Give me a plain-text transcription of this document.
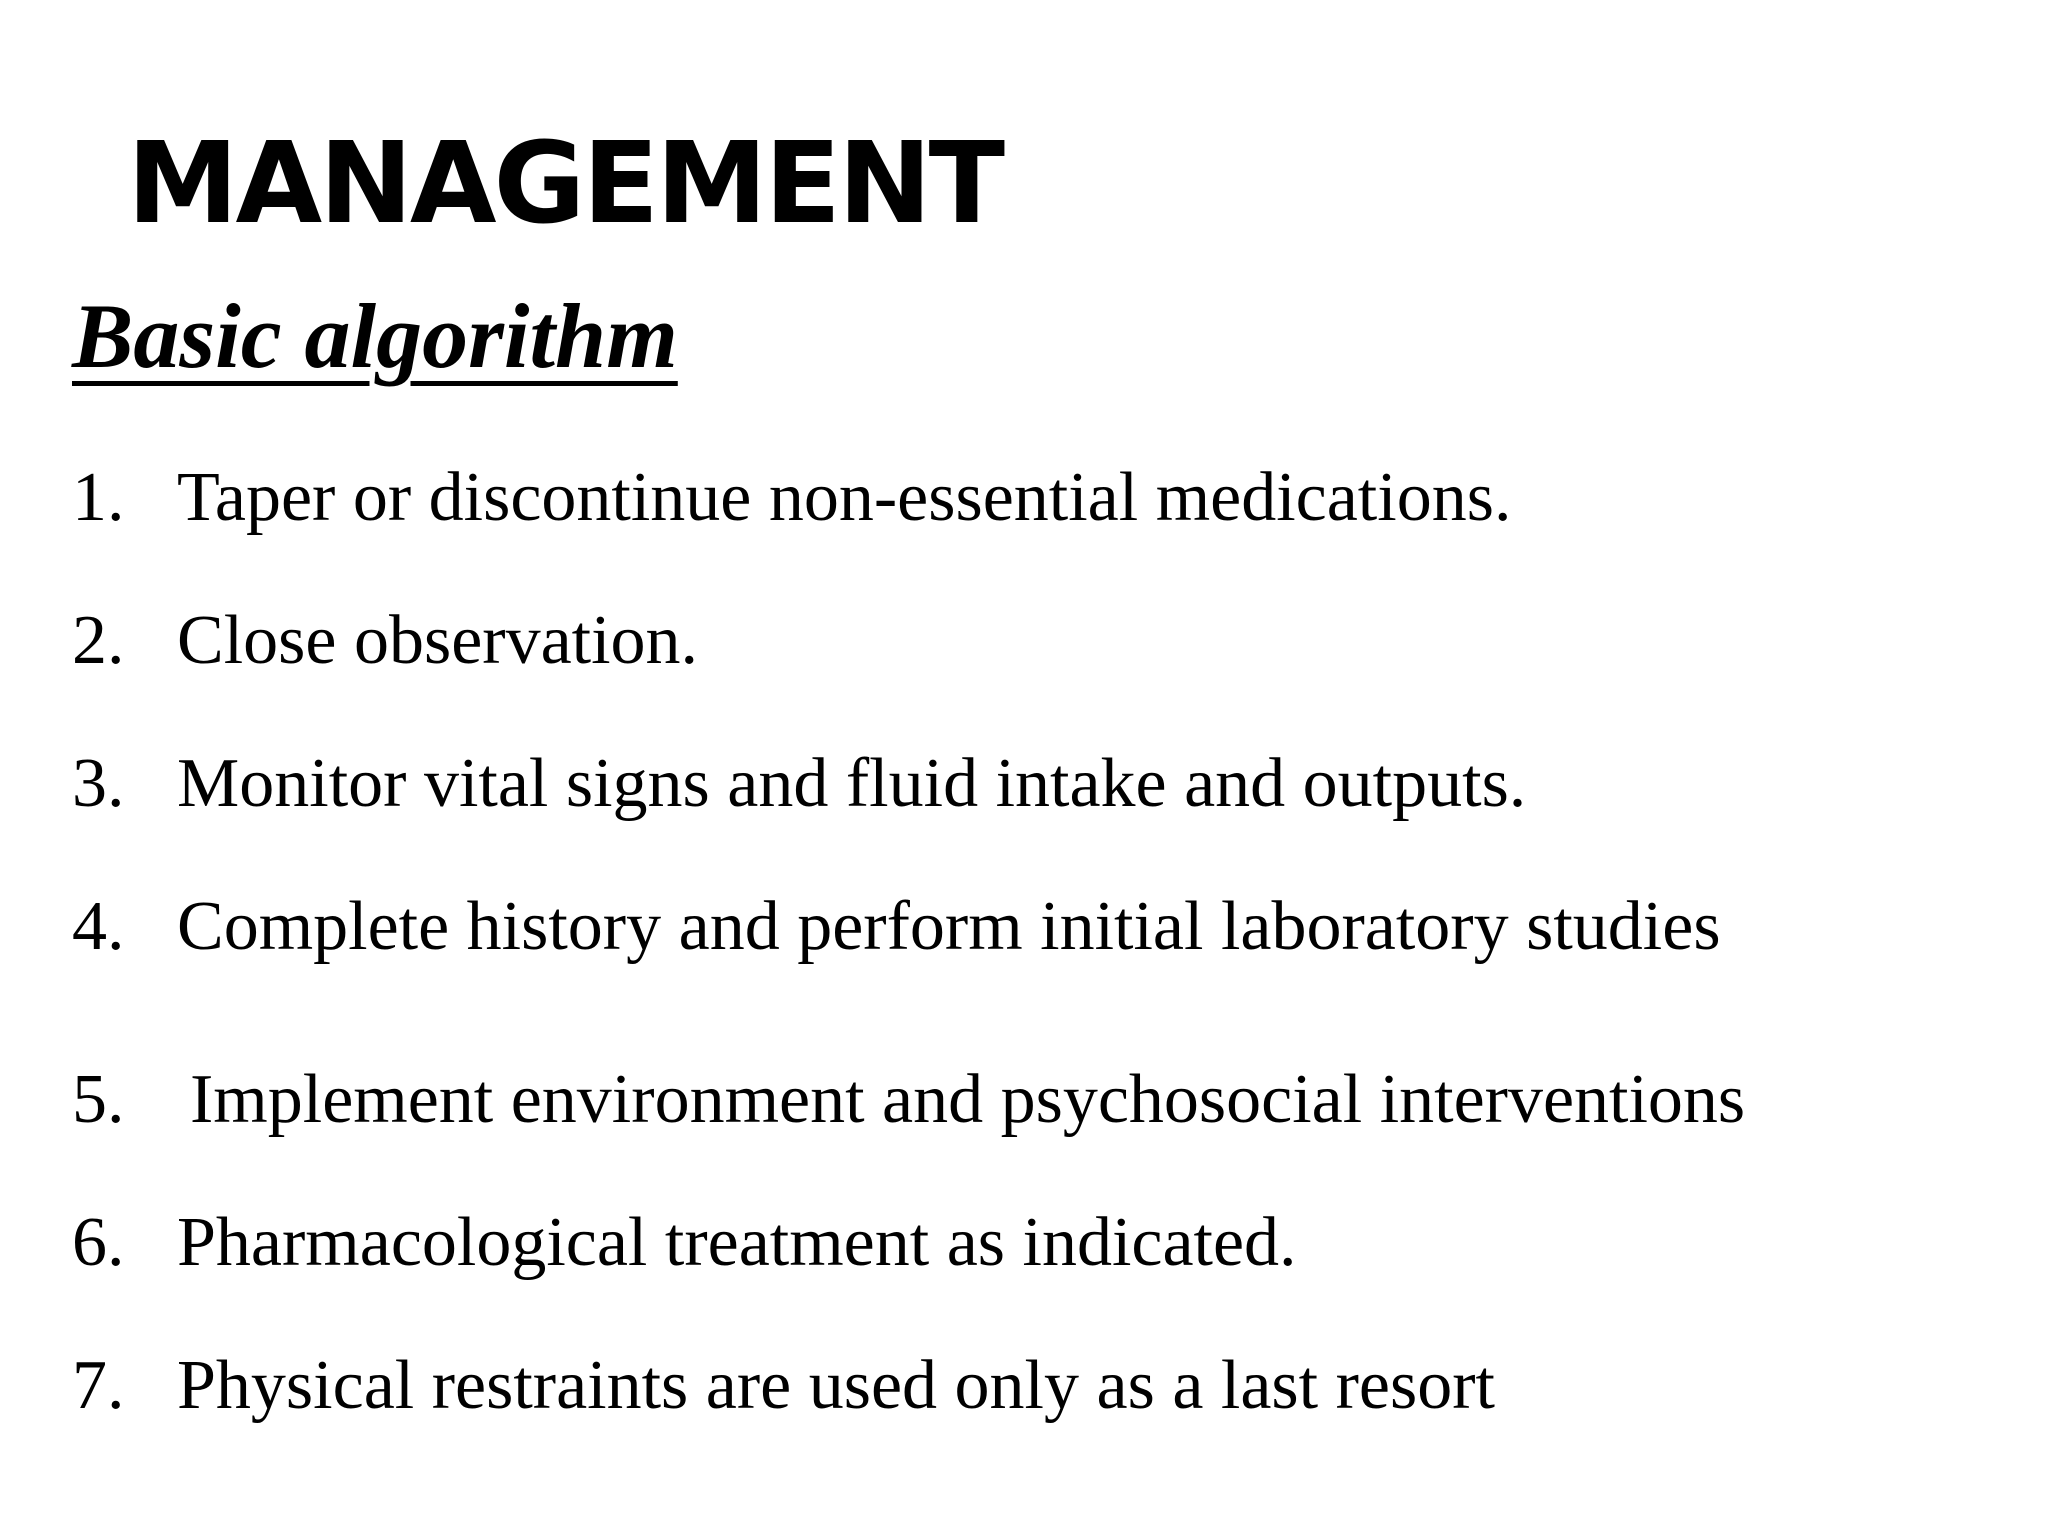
MANAGEMENT
Basic algorithm
1. Taper or discontinue non-essential medications.
2. Close observation.
3. Monitor vital signs and fluid intake and outputs.
4. Complete history and perform initial laboratory studies
5. Implement environment and psychosocial interventions
6. Pharmacological treatment as indicated.
7. Physical restraints are used only as a last resort
